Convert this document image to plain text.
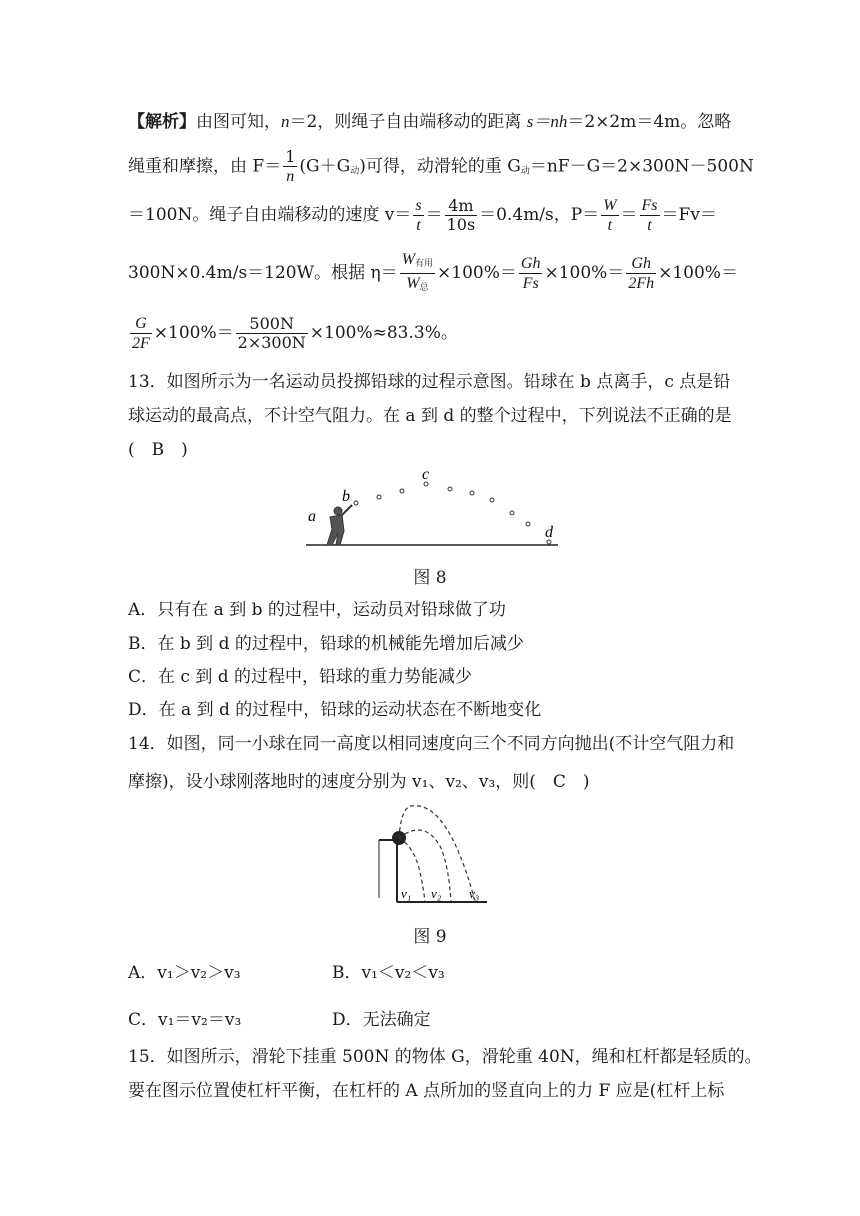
【解析】由图可知，n＝2，则绳子自由端移动的距离 s＝nh＝2×2m＝4m。忽略
绳重和摩擦，由 $F= \frac{1}{n} (G+G_动)$可得，动滑轮的重 $G_动=nF-G=2\times 300N-500N$
＝100N。绳子自由端移动的速度 $v= \frac{s}{t} = \frac{4m}{10s} =0.4m/s$，$P= \frac{W}{t} = \frac{Fs}{t} =Fv=$
300N×0.4m/s＝120W。根据 $\eta= \frac{W_{有用}}{W_总} \times 100\%= \frac{Gh}{Fs} \times 100\%= \frac{Gh}{2Fh} \times 100\%=$
$\frac{G}{2F} \times 100\%= \frac{500N}{2\times 300N} \times 100\%\approx 83.3\%$。
13．如图所示为一名运动员投掷铅球的过程示意图。铅球在 b 点离手，c 点是铅
球运动的最高点，不计空气阻力。在 a 到 d 的整个过程中，下列说法不正确的是
(　B　)
a
b
c
d
图 8
A．只有在 a 到 b 的过程中，运动员对铅球做了功
B．在 b 到 d 的过程中，铅球的机械能先增加后减少
C．在 c 到 d 的过程中，铅球的重力势能减少
D．在 a 到 d 的过程中，铅球的运动状态在不断地变化
14．如图，同一小球在同一高度以相同速度向三个不同方向抛出(不计空气阻力和
摩擦)，设小球刚落地时的速度分别为 v₁、v₂、v₃，则(　C　)
v₁ v₂ v₃
图 9
A．v₁＞v₂＞v₃	B．v₁＜v₂＜v₃
C．v₁＝v₂＝v₃	D．无法确定
15．如图所示，滑轮下挂重 500N 的物体 G，滑轮重 40N，绳和杠杆都是轻质的。
要在图示位置使杠杆平衡，在杠杆的 A 点所加的竖直向上的力 F 应是(杠杆上标
